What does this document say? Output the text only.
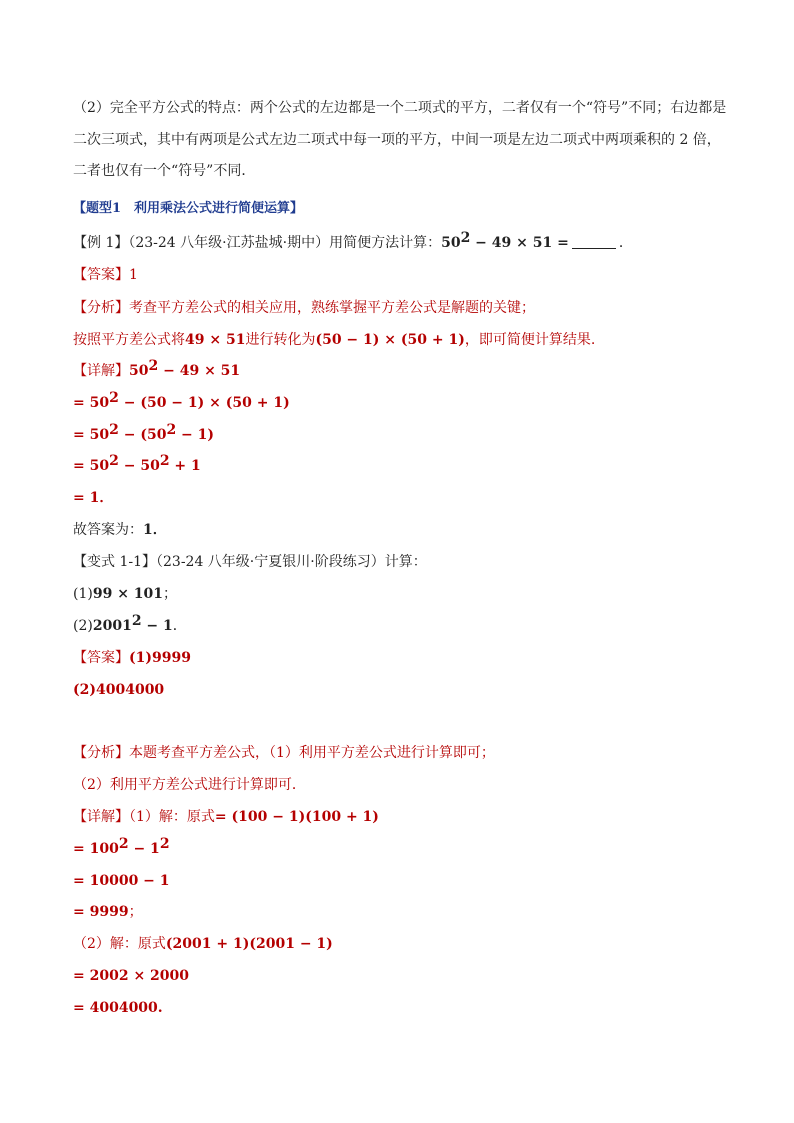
（2）完全平方公式的特点：两个公式的左边都是一个二项式的平方，二者仅有一个“符号”不同；右边都是
二次三项式，其中有两项是公式左边二项式中每一项的平方，中间一项是左边二项式中两项乘积的 2 倍，
二者也仅有一个“符号”不同．
【题型1　利用乘法公式进行简便运算】
【例 1】（23-24 八年级·江苏盐城·期中）用简便方法计算：$50^2 - 49 \times 51$ =	．
【答案】1
【分析】考查平方差公式的相关应用，熟练掌握平方差公式是解题的关键；
按照平方差公式将49 × 51进行转化为(50 − 1) × (50 + 1)，即可简便计算结果.
【详解】$50^2 - 49 \times 51$
= $50^2 - (50 - 1) \times (50 + 1)$
= $50^2 - (50^2 - 1)$
= $50^2 - 50^2 + 1$
= 1．
故答案为：1．
【变式 1-1】（23-24 八年级·宁夏银川·阶段练习）计算：
(1)99 × 101；
$(2)2001^2 - 1$．
【答案】(1)9999
(2)4004000
【分析】本题考查平方差公式，（1）利用平方差公式进行计算即可；
（2）利用平方差公式进行计算即可．
【详解】（1）解：原式= (100 − 1)(100 + 1)
= $100^2 - 1^2$
= 10000 − 1
= 9999；
（2）解：原式(2001 + 1)(2001 − 1)
= 2002 × 2000
= 4004000.
